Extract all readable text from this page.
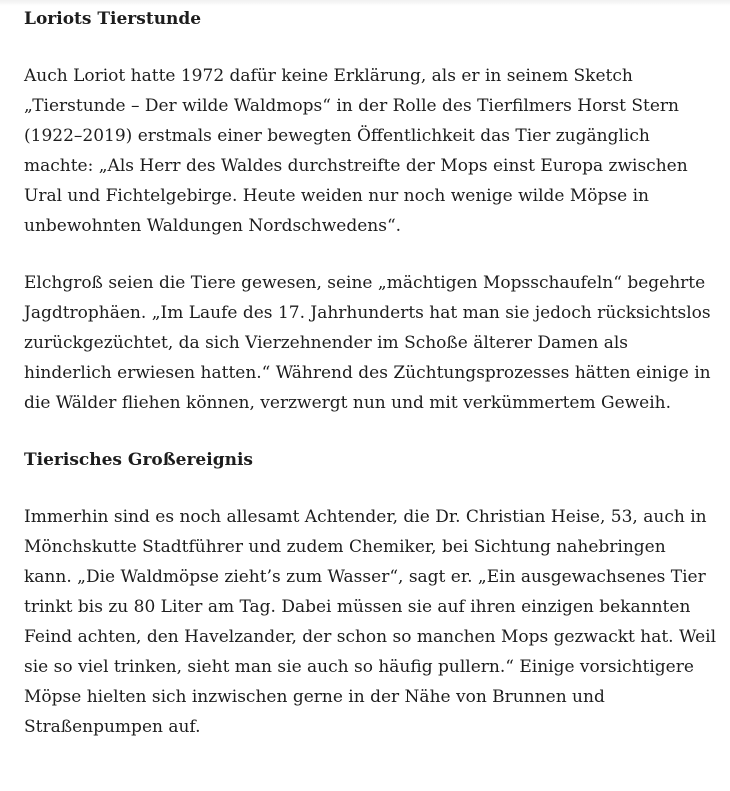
Loriots Tierstunde

Auch Loriot hatte 1972 dafür keine Erklärung, als er in seinem Sketch „Tierstunde – Der wilde Waldmops“ in der Rolle des Tierfilmers Horst Stern (1922–2019) erstmals einer bewegten Öffentlichkeit das Tier zugänglich machte: „Als Herr des Waldes durchstreifte der Mops einst Europa zwischen Ural und Fichtelgebirge. Heute weiden nur noch wenige wilde Möpse in unbewohnten Waldungen Nordschwedens“.

Elchgroß seien die Tiere gewesen, seine „mächtigen Mopsschaufeln“ begehrte Jagdtrophäen. „Im Laufe des 17. Jahrhunderts hat man sie jedoch rücksichtslos zurückgezüchtet, da sich Vierzehnender im Schoße älterer Damen als hinderlich erwiesen hatten.“ Während des Züchtungsprozesses hätten einige in die Wälder fliehen können, verzwergt nun und mit verkümmertem Geweih.

Tierisches Großereignis

Immerhin sind es noch allesamt Achtender, die Dr. Christian Heise, 53, auch in Mönchskutte Stadtführer und zudem Chemiker, bei Sichtung nahebringen kann. „Die Waldmöpse zieht’s zum Wasser“, sagt er. „Ein ausgewachsenes Tier trinkt bis zu 80 Liter am Tag. Dabei müssen sie auf ihren einzigen bekannten Feind achten, den Havelzander, der schon so manchen Mops gezwackt hat. Weil sie so viel trinken, sieht man sie auch so häufig pullern.“ Einige vorsichtigere Möpse hielten sich inzwischen gerne in der Nähe von Brunnen und Straßenpumpen auf.
